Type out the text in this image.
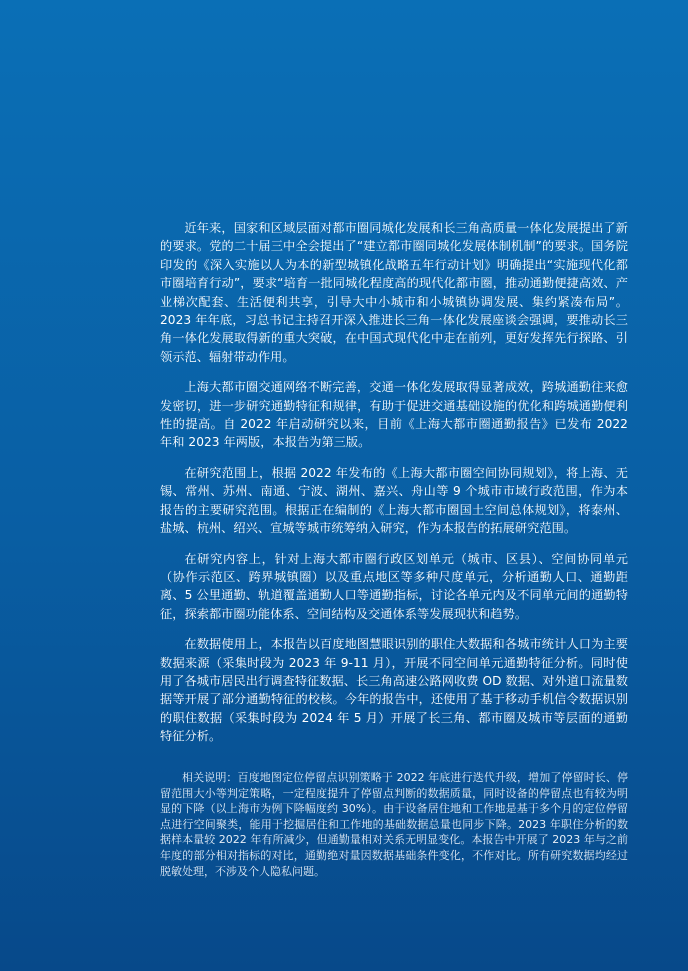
近年来，国家和区域层面对都市圈同城化发展和长三角高质量一体化发展提出了新的要求。党的二十届三中全会提出了“建立都市圈同城化发展体制机制”的要求。国务院印发的《深入实施以人为本的新型城镇化战略五年行动计划》明确提出“实施现代化都市圈培育行动”，要求“培育一批同城化程度高的现代化都市圈，推动通勤便捷高效、产业梯次配套、生活便利共享，引导大中小城市和小城镇协调发展、集约紧凑布局”。2023 年年底，习总书记主持召开深入推进长三角一体化发展座谈会强调，要推动长三角一体化发展取得新的重大突破，在中国式现代化中走在前列，更好发挥先行探路、引领示范、辐射带动作用。

上海大都市圈交通网络不断完善，交通一体化发展取得显著成效，跨城通勤往来愈发密切，进一步研究通勤特征和规律，有助于促进交通基础设施的优化和跨城通勤便利性的提高。自 2022 年启动研究以来，目前《上海大都市圈通勤报告》已发布 2022 年和 2023 年两版，本报告为第三版。

在研究范围上，根据 2022 年发布的《上海大都市圈空间协同规划》，将上海、无锡、常州、苏州、南通、宁波、湖州、嘉兴、舟山等 9 个城市市域行政范围，作为本报告的主要研究范围。根据正在编制的《上海大都市圈国土空间总体规划》，将泰州、盐城、杭州、绍兴、宣城等城市统筹纳入研究，作为本报告的拓展研究范围。

在研究内容上，针对上海大都市圈行政区划单元（城市、区县）、空间协同单元（协作示范区、跨界城镇圈）以及重点地区等多种尺度单元，分析通勤人口、通勤距离、5 公里通勤、轨道覆盖通勤人口等通勤指标，讨论各单元内及不同单元间的通勤特征，探索都市圈功能体系、空间结构及交通体系等发展现状和趋势。

在数据使用上，本报告以百度地图慧眼识别的职住大数据和各城市统计人口为主要数据来源（采集时段为 2023 年 9-11 月），开展不同空间单元通勤特征分析。同时使用了各城市居民出行调查特征数据、长三角高速公路网收费 OD 数据、对外道口流量数据等开展了部分通勤特征的校核。今年的报告中，还使用了基于移动手机信令数据识别的职住数据（采集时段为 2024 年 5 月）开展了长三角、都市圈及城市等层面的通勤特征分析。

相关说明：百度地图定位停留点识别策略于 2022 年底进行迭代升级，增加了停留时长、停留范围大小等判定策略，一定程度提升了停留点判断的数据质量，同时设备的停留点也有较为明显的下降（以上海市为例下降幅度约 30%）。由于设备居住地和工作地是基于多个月的定位停留点进行空间聚类，能用于挖掘居住和工作地的基础数据总量也同步下降。2023 年职住分析的数据样本量较 2022 年有所减少，但通勤量相对关系无明显变化。本报告中开展了 2023 年与之前年度的部分相对指标的对比，通勤绝对量因数据基础条件变化，不作对比。所有研究数据均经过脱敏处理，不涉及个人隐私问题。
